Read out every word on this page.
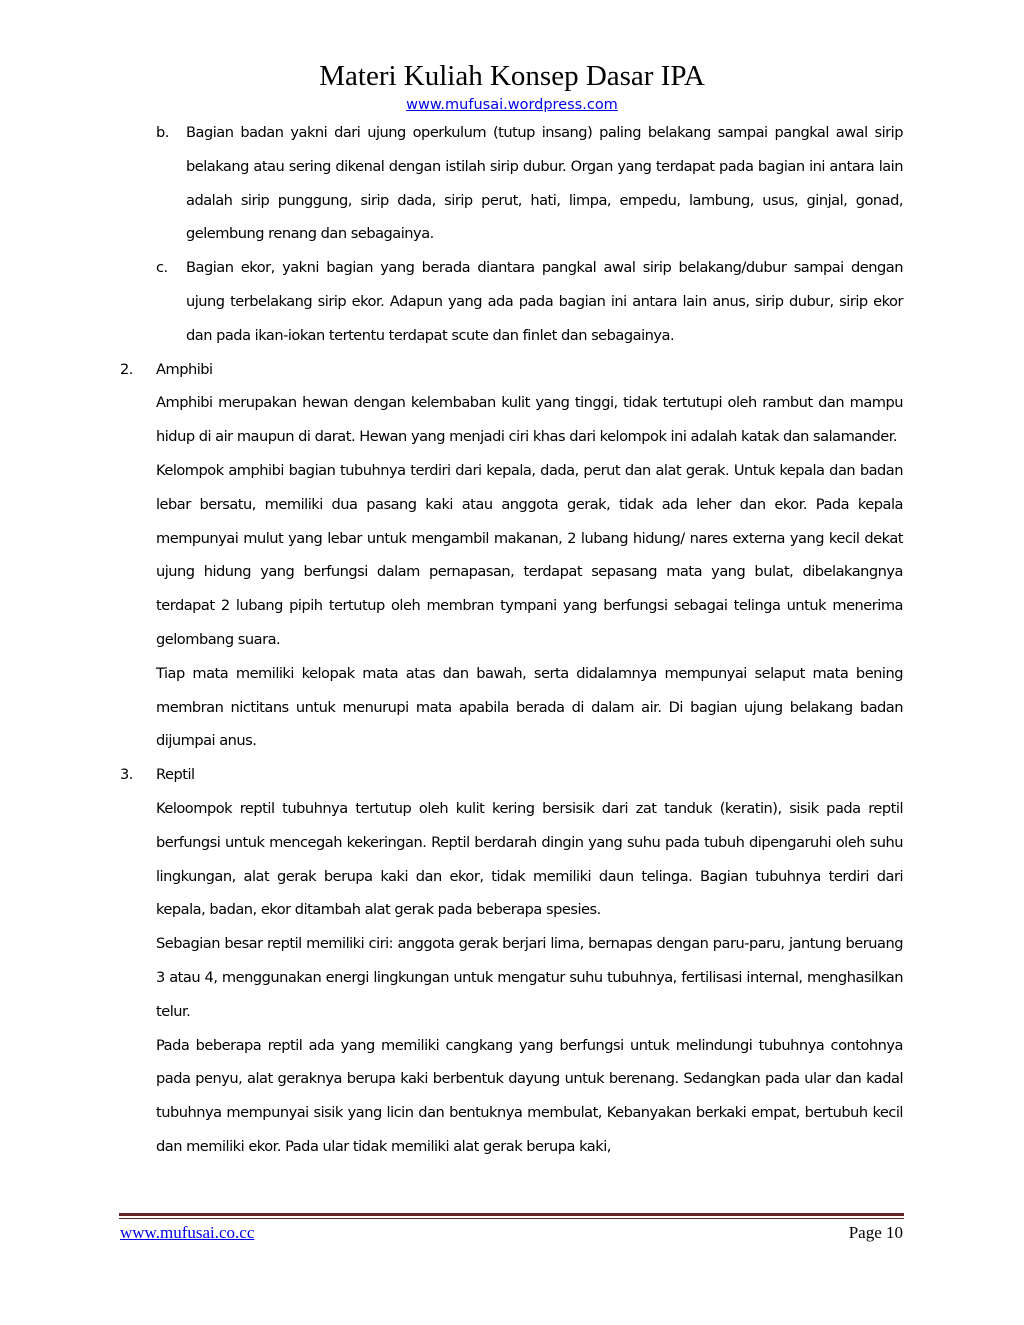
Materi Kuliah Konsep Dasar IPA
www.mufusai.wordpress.com
b.	Bagian badan yakni dari ujung operkulum (tutup insang) paling belakang sampai pangkal awal sirip belakang atau sering dikenal dengan istilah sirip dubur. Organ yang terdapat pada bagian ini antara lain adalah sirip punggung, sirip dada, sirip perut, hati, limpa, empedu, lambung, usus, ginjal, gonad, gelembung renang dan sebagainya.

c.	Bagian ekor, yakni bagian yang berada diantara pangkal awal sirip belakang/dubur sampai dengan ujung terbelakang sirip ekor. Adapun yang ada pada bagian ini antara lain anus, sirip dubur, sirip ekor dan pada ikan-iokan tertentu terdapat scute dan finlet dan sebagainya.

2.	Amphibi

Amphibi merupakan hewan dengan kelembaban kulit yang tinggi, tidak tertutupi oleh rambut dan mampu hidup di air maupun di darat. Hewan yang menjadi ciri khas dari kelompok ini adalah katak dan salamander.

Kelompok amphibi bagian tubuhnya terdiri dari kepala, dada, perut dan alat gerak. Untuk kepala dan badan lebar bersatu, memiliki dua pasang kaki atau anggota gerak, tidak ada leher dan ekor. Pada kepala mempunyai mulut yang lebar untuk mengambil makanan, 2 lubang hidung/ nares externa yang kecil dekat ujung hidung yang berfungsi dalam pernapasan, terdapat sepasang mata yang bulat, dibelakangnya terdapat 2 lubang pipih tertutup oleh membran tympani yang berfungsi sebagai telinga untuk menerima gelombang suara.

Tiap mata memiliki kelopak mata atas dan bawah, serta didalamnya mempunyai selaput mata bening membran nictitans untuk menurupi mata apabila berada di dalam air. Di bagian ujung belakang badan dijumpai anus.

3.	Reptil

Keloompok reptil tubuhnya tertutup oleh kulit kering bersisik dari zat tanduk (keratin), sisik pada reptil berfungsi untuk mencegah kekeringan. Reptil berdarah dingin yang suhu pada tubuh dipengaruhi oleh suhu lingkungan, alat gerak berupa kaki dan ekor, tidak memiliki daun telinga. Bagian tubuhnya terdiri dari kepala, badan, ekor ditambah alat gerak pada beberapa spesies.

Sebagian besar reptil memiliki ciri: anggota gerak berjari lima, bernapas dengan paru-paru, jantung beruang 3 atau 4, menggunakan energi lingkungan untuk mengatur suhu tubuhnya, fertilisasi internal, menghasilkan telur.

Pada beberapa reptil ada yang memiliki cangkang yang berfungsi untuk melindungi tubuhnya contohnya pada penyu, alat geraknya berupa kaki berbentuk dayung untuk berenang. Sedangkan pada ular dan kadal tubuhnya mempunyai sisik yang licin dan bentuknya membulat, Kebanyakan berkaki empat, bertubuh kecil dan memiliki ekor. Pada ular tidak memiliki alat gerak berupa kaki,

www.mufusai.co.cc	Page 10
